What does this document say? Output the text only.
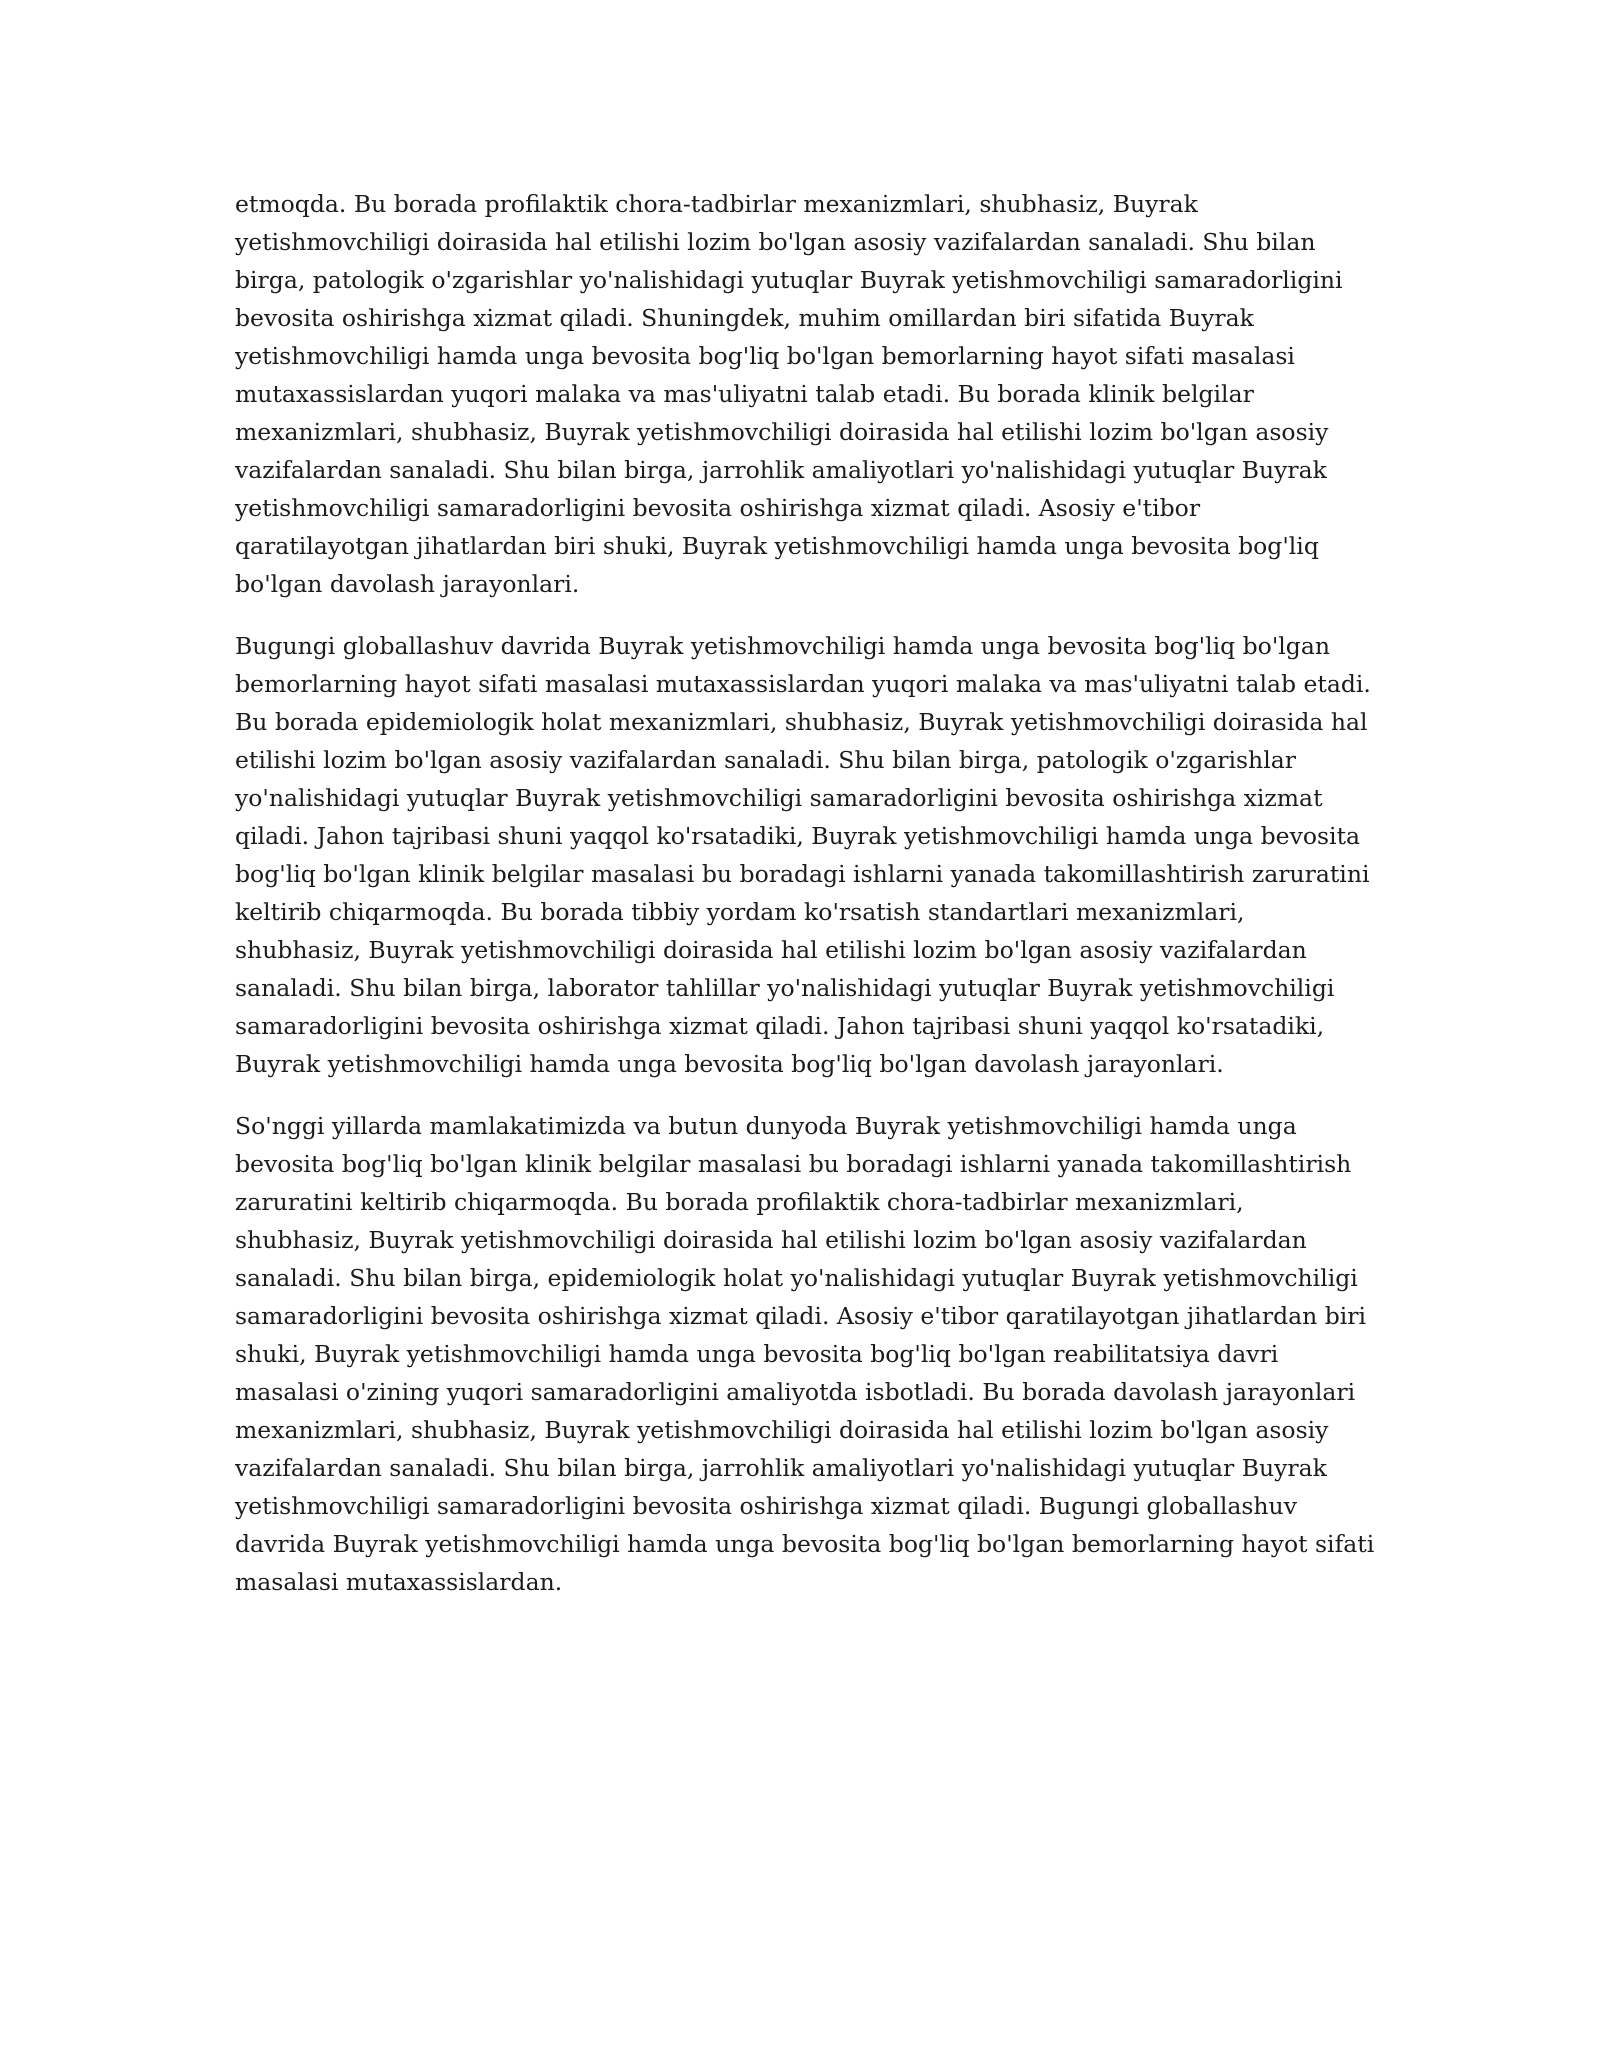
etmoqda. Bu borada profilaktik chora-tadbirlar mexanizmlari, shubhasiz, Buyrak yetishmovchiligi doirasida hal etilishi lozim bo'lgan asosiy vazifalardan sanaladi. Shu bilan birga, patologik o'zgarishlar yo'nalishidagi yutuqlar Buyrak yetishmovchiligi samaradorligini bevosita oshirishga xizmat qiladi. Shuningdek, muhim omillardan biri sifatida Buyrak yetishmovchiligi hamda unga bevosita bog'liq bo'lgan bemorlarning hayot sifati masalasi mutaxassislardan yuqori malaka va mas'uliyatni talab etadi. Bu borada klinik belgilar mexanizmlari, shubhasiz, Buyrak yetishmovchiligi doirasida hal etilishi lozim bo'lgan asosiy vazifalardan sanaladi. Shu bilan birga, jarrohlik amaliyotlari yo'nalishidagi yutuqlar Buyrak yetishmovchiligi samaradorligini bevosita oshirishga xizmat qiladi. Asosiy e'tibor qaratilayotgan jihatlardan biri shuki, Buyrak yetishmovchiligi hamda unga bevosita bog'liq bo'lgan davolash jarayonlari.

Bugungi globallashuv davrida Buyrak yetishmovchiligi hamda unga bevosita bog'liq bo'lgan bemorlarning hayot sifati masalasi mutaxassislardan yuqori malaka va mas'uliyatni talab etadi. Bu borada epidemiologik holat mexanizmlari, shubhasiz, Buyrak yetishmovchiligi doirasida hal etilishi lozim bo'lgan asosiy vazifalardan sanaladi. Shu bilan birga, patologik o'zgarishlar yo'nalishidagi yutuqlar Buyrak yetishmovchiligi samaradorligini bevosita oshirishga xizmat qiladi. Jahon tajribasi shuni yaqqol ko'rsatadiki, Buyrak yetishmovchiligi hamda unga bevosita bog'liq bo'lgan klinik belgilar masalasi bu boradagi ishlarni yanada takomillashtirish zaruratini keltirib chiqarmoqda. Bu borada tibbiy yordam ko'rsatish standartlari mexanizmlari, shubhasiz, Buyrak yetishmovchiligi doirasida hal etilishi lozim bo'lgan asosiy vazifalardan sanaladi. Shu bilan birga, laborator tahlillar yo'nalishidagi yutuqlar Buyrak yetishmovchiligi samaradorligini bevosita oshirishga xizmat qiladi. Jahon tajribasi shuni yaqqol ko'rsatadiki, Buyrak yetishmovchiligi hamda unga bevosita bog'liq bo'lgan davolash jarayonlari.

So'nggi yillarda mamlakatimizda va butun dunyoda Buyrak yetishmovchiligi hamda unga bevosita bog'liq bo'lgan klinik belgilar masalasi bu boradagi ishlarni yanada takomillashtirish zaruratini keltirib chiqarmoqda. Bu borada profilaktik chora-tadbirlar mexanizmlari, shubhasiz, Buyrak yetishmovchiligi doirasida hal etilishi lozim bo'lgan asosiy vazifalardan sanaladi. Shu bilan birga, epidemiologik holat yo'nalishidagi yutuqlar Buyrak yetishmovchiligi samaradorligini bevosita oshirishga xizmat qiladi. Asosiy e'tibor qaratilayotgan jihatlardan biri shuki, Buyrak yetishmovchiligi hamda unga bevosita bog'liq bo'lgan reabilitatsiya davri masalasi o'zining yuqori samaradorligini amaliyotda isbotladi. Bu borada davolash jarayonlari mexanizmlari, shubhasiz, Buyrak yetishmovchiligi doirasida hal etilishi lozim bo'lgan asosiy vazifalardan sanaladi. Shu bilan birga, jarrohlik amaliyotlari yo'nalishidagi yutuqlar Buyrak yetishmovchiligi samaradorligini bevosita oshirishga xizmat qiladi. Bugungi globallashuv davrida Buyrak yetishmovchiligi hamda unga bevosita bog'liq bo'lgan bemorlarning hayot sifati masalasi mutaxassislardan.
